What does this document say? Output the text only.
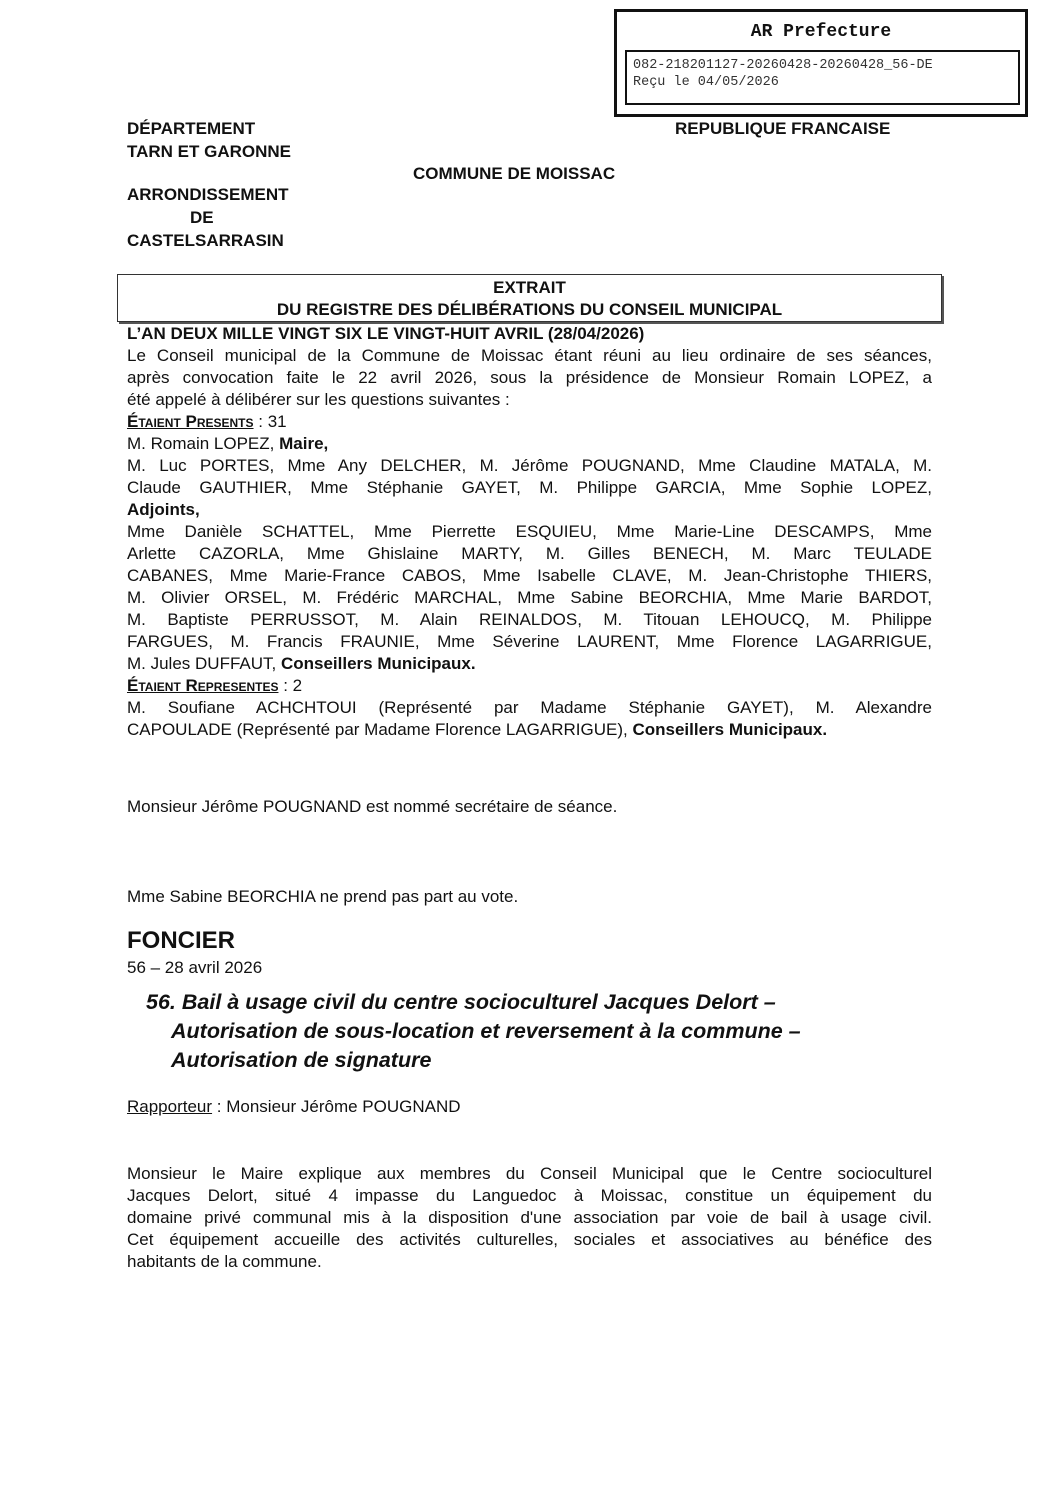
AR Prefecture
082-218201127-20260428-20260428_56-DE
Reçu le 04/05/2026
DÉPARTEMENT
TARN ET GARONNE
REPUBLIQUE FRANCAISE
COMMUNE DE MOISSAC
ARRONDISSEMENT
DE
CASTELSARRASIN
EXTRAIT
DU REGISTRE DES DÉLIBÉRATIONS DU CONSEIL MUNICIPAL
L’AN DEUX MILLE VINGT SIX LE VINGT-HUIT AVRIL (28/04/2026)
Le Conseil municipal de la Commune de Moissac étant réuni au lieu ordinaire de ses séances,
après convocation faite le 22 avril 2026, sous la présidence de Monsieur Romain LOPEZ, a
été appelé à délibérer sur les questions suivantes :
Étaient Presents : 31
M. Romain LOPEZ, Maire,
M. Luc PORTES, Mme Any DELCHER, M. Jérôme POUGNAND, Mme Claudine MATALA, M.
Claude GAUTHIER, Mme Stéphanie GAYET, M. Philippe GARCIA, Mme Sophie LOPEZ,
Adjoints,
Mme Danièle SCHATTEL, Mme Pierrette ESQUIEU, Mme Marie-Line DESCAMPS, Mme
Arlette CAZORLA, Mme Ghislaine MARTY, M. Gilles BENECH, M. Marc TEULADE
CABANES, Mme Marie-France CABOS, Mme Isabelle CLAVE, M. Jean-Christophe THIERS,
M. Olivier ORSEL, M. Frédéric MARCHAL, Mme Sabine BEORCHIA, Mme Marie BARDOT,
M. Baptiste PERRUSSOT, M. Alain REINALDOS, M. Titouan LEHOUCQ, M. Philippe
FARGUES, M. Francis FRAUNIE, Mme Séverine LAURENT, Mme Florence LAGARRIGUE,
M. Jules DUFFAUT, Conseillers Municipaux.
Étaient Representes : 2
M. Soufiane ACHCHTOUI (Représenté par Madame Stéphanie GAYET), M. Alexandre
CAPOULADE (Représenté par Madame Florence LAGARRIGUE), Conseillers Municipaux.
Monsieur Jérôme POUGNAND est nommé secrétaire de séance.
Mme Sabine BEORCHIA ne prend pas part au vote.
FONCIER
56 – 28 avril 2026
56. Bail à usage civil du centre socioculturel Jacques Delort –
Autorisation de sous-location et reversement à la commune –
Autorisation de signature
Rapporteur : Monsieur Jérôme POUGNAND
Monsieur le Maire explique aux membres du Conseil Municipal que le Centre socioculturel
Jacques Delort, situé 4 impasse du Languedoc à Moissac, constitue un équipement du
domaine privé communal mis à la disposition d'une association par voie de bail à usage civil.
Cet équipement accueille des activités culturelles, sociales et associatives au bénéfice des
habitants de la commune.
